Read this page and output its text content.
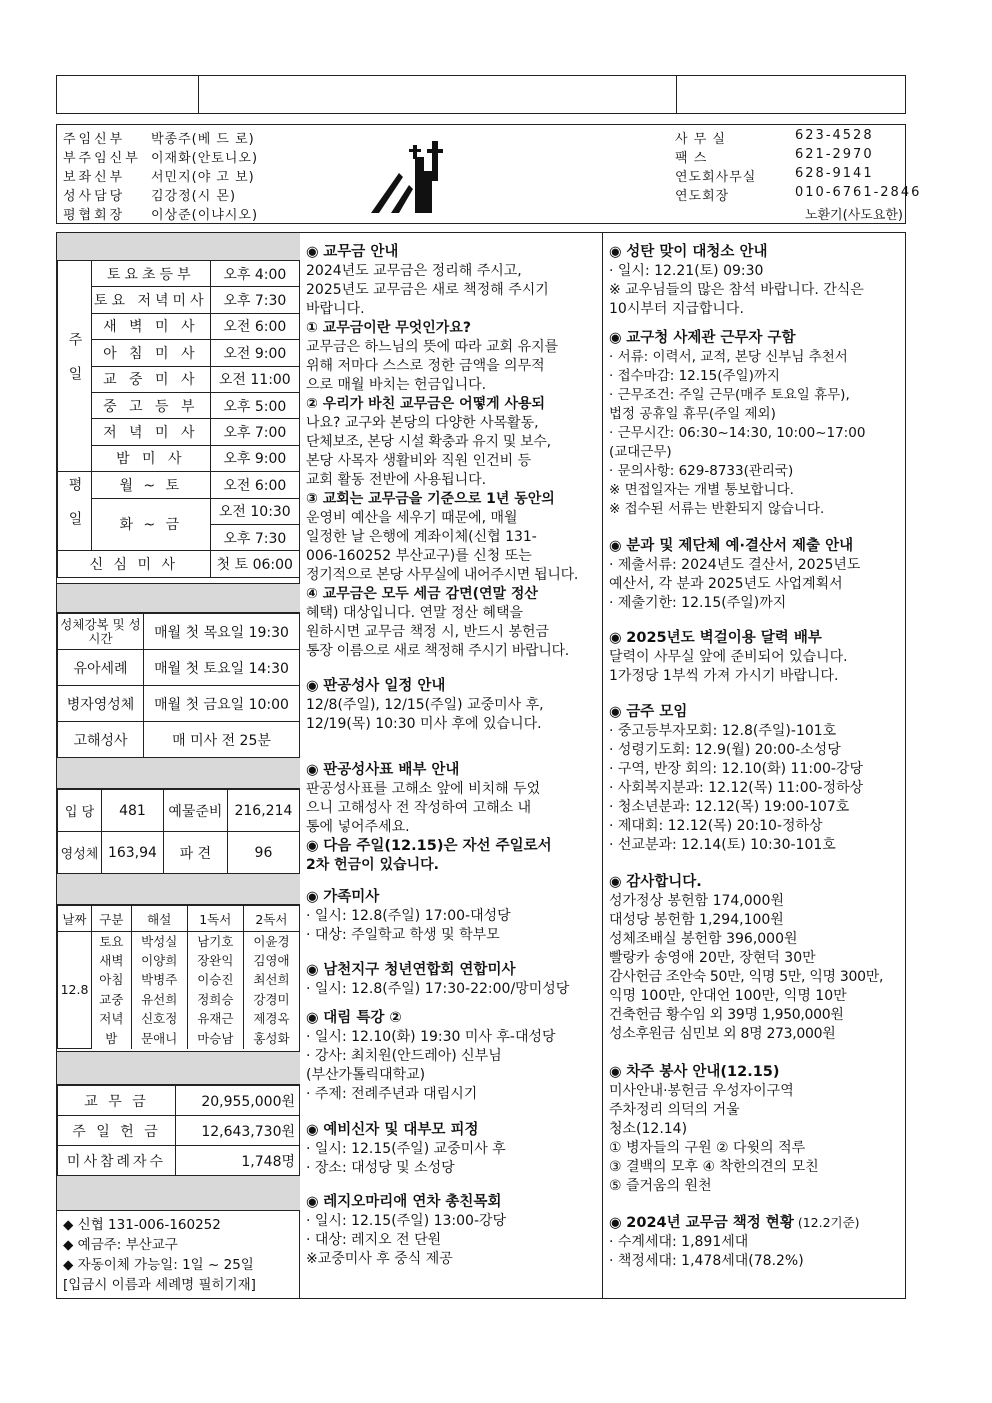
주임신부 박종주(베 드 로)
부주임신부 이재화(안토니오)
보좌신부 서민지(야 고 보)
성사담당 김강정(시 몬)
평협회장 이상준(이냐시오)
사 무 실	623-4528
팩 스	621-2970
연도회사무실	628-9141
연도회장	010-6761-2846
노환기(사도요한)
주일	토요초등부	오후 4:00
	토요 저녁미사	오후 7:30
	새 벽 미 사	오전 6:00
	아 침 미 사	오전 9:00
	교 중 미 사	오전 11:00
	중 고 등 부	오후 5:00
	저 녁 미 사	오후 7:00
	밤 미 사	오후 9:00
평일	월 ~ 토	오전 6:00
	화 ~ 금	오전 10:30
		오후 7:30
신 심 미 사		첫 토 06:00
성체강복 및 성시간	매월 첫 목요일 19:30
유아세례	매월 첫 토요일 14:30
병자영성체	매월 첫 금요일 10:00
고해성사	매 미사 전 25분
입 당	481	예물준비	216,214
영성체	163,94	파 견	96
날짜	구분	해설	1독서	2독서
12.8	토요	박성실	남기호	이윤경
	새벽	이양희	장완익	김영애
	아침	박병주	이승진	최선희
	교중	유선희	정희승	강경미
	저녁	신호정	유재근	제경옥
	밤	문애니	마승남	홍성화
교 무 금	20,955,000원
주 일 헌 금	12,643,730원
미사참례자수	1,748명
◆ 신협 131-006-160252
◆ 예금주: 부산교구
◆ 자동이체 가능일: 1일 ~ 25일
[입금시 이름과 세례명 필히기재]
◉ 교무금 안내
2024년도 교무금은 정리해 주시고,
2025년도 교무금은 새로 책정해 주시기
바랍니다.
① 교무금이란 무엇인가요?
교무금은 하느님의 뜻에 따라 교회 유지를
위해 저마다 스스로 정한 금액을 의무적
으로 매월 바치는 헌금입니다.
② 우리가 바친 교무금은 어떻게 사용되
나요? 교구와 본당의 다양한 사목활동,
단체보조, 본당 시설 확충과 유지 및 보수,
본당 사목자 생활비와 직원 인건비 등
교회 활동 전반에 사용됩니다.
③ 교회는 교무금을 기준으로 1년 동안의
운영비 예산을 세우기 때문에, 매월
일정한 날 은행에 계좌이체(신협 131-
006-160252 부산교구)를 신청 또는
정기적으로 본당 사무실에 내어주시면 됩니다.
④ 교무금은 모두 세금 감면(연말 정산
혜택) 대상입니다. 연말 정산 혜택을
원하시면 교무금 책정 시, 반드시 봉헌금
통장 이름으로 새로 책정해 주시기 바랍니다.
◉ 판공성사 일정 안내
12/8(주일), 12/15(주일) 교중미사 후,
12/19(목) 10:30 미사 후에 있습니다.
◉ 판공성사표 배부 안내
판공성사표를 고해소 앞에 비치해 두었
으니 고해성사 전 작성하여 고해소 내
통에 넣어주세요.
◉ 다음 주일(12.15)은 자선 주일로서
2차 헌금이 있습니다.
◉ 가족미사
· 일시: 12.8(주일) 17:00-대성당
· 대상: 주일학교 학생 및 학부모
◉ 남천지구 청년연합회 연합미사
· 일시: 12.8(주일) 17:30-22:00/망미성당
◉ 대림 특강 ②
· 일시: 12.10(화) 19:30 미사 후-대성당
· 강사: 최치원(안드레아) 신부님
(부산가톨릭대학교)
· 주제: 전례주년과 대림시기
◉ 예비신자 및 대부모 피정
· 일시: 12.15(주일) 교중미사 후
· 장소: 대성당 및 소성당
◉ 레지오마리애 연차 총친목회
· 일시: 12.15(주일) 13:00-강당
· 대상: 레지오 전 단원
※교중미사 후 중식 제공
◉ 성탄 맞이 대청소 안내
· 일시: 12.21(토) 09:30
※ 교우님들의 많은 참석 바랍니다. 간식은
10시부터 지급합니다.
◉ 교구청 사제관 근무자 구함
· 서류: 이력서, 교적, 본당 신부님 추천서
· 접수마감: 12.15(주일)까지
· 근무조건: 주일 근무(매주 토요일 휴무),
법정 공휴일 휴무(주일 제외)
· 근무시간: 06:30~14:30, 10:00~17:00
(교대근무)
· 문의사항: 629-8733(관리국)
※ 면접일자는 개별 통보합니다.
※ 접수된 서류는 반환되지 않습니다.
◉ 분과 및 제단체 예·결산서 제출 안내
· 제출서류: 2024년도 결산서, 2025년도
예산서, 각 분과 2025년도 사업계획서
· 제출기한: 12.15(주일)까지
◉ 2025년도 벽걸이용 달력 배부
달력이 사무실 앞에 준비되어 있습니다.
1가정당 1부씩 가져 가시기 바랍니다.
◉ 금주 모임
· 중고등부자모회: 12.8(주일)-101호
· 성령기도회: 12.9(월) 20:00-소성당
· 구역, 반장 회의: 12.10(화) 11:00-강당
· 사회복지분과: 12.12(목) 11:00-정하상
· 청소년분과: 12.12(목) 19:00-107호
· 제대회: 12.12(목) 20:10-정하상
· 선교분과: 12.14(토) 10:30-101호
◉ 감사합니다.
성가정상 봉헌함 174,000원
대성당 봉헌함 1,294,100원
성체조배실 봉헌함 396,000원
빨랑카 송영애 20만, 장현덕 30만
감사헌금 조안숙 50만, 익명 5만, 익명 300만,
익명 100만, 안대언 100만, 익명 10만
건축헌금 황수임 외 39명 1,950,000원
성소후원금 심민보 외 8명 273,000원
◉ 차주 봉사 안내(12.15)
미사안내·봉헌금 우성자이구역
주차정리 의덕의 거울
청소(12.14)
① 병자들의 구원 ② 다윗의 적루
③ 결백의 모후 ④ 착한의견의 모친
⑤ 즐거움의 원천
◉ 2024년 교무금 책정 현황 (12.2기준)
· 수계세대: 1,891세대
· 책정세대: 1,478세대(78.2%)
